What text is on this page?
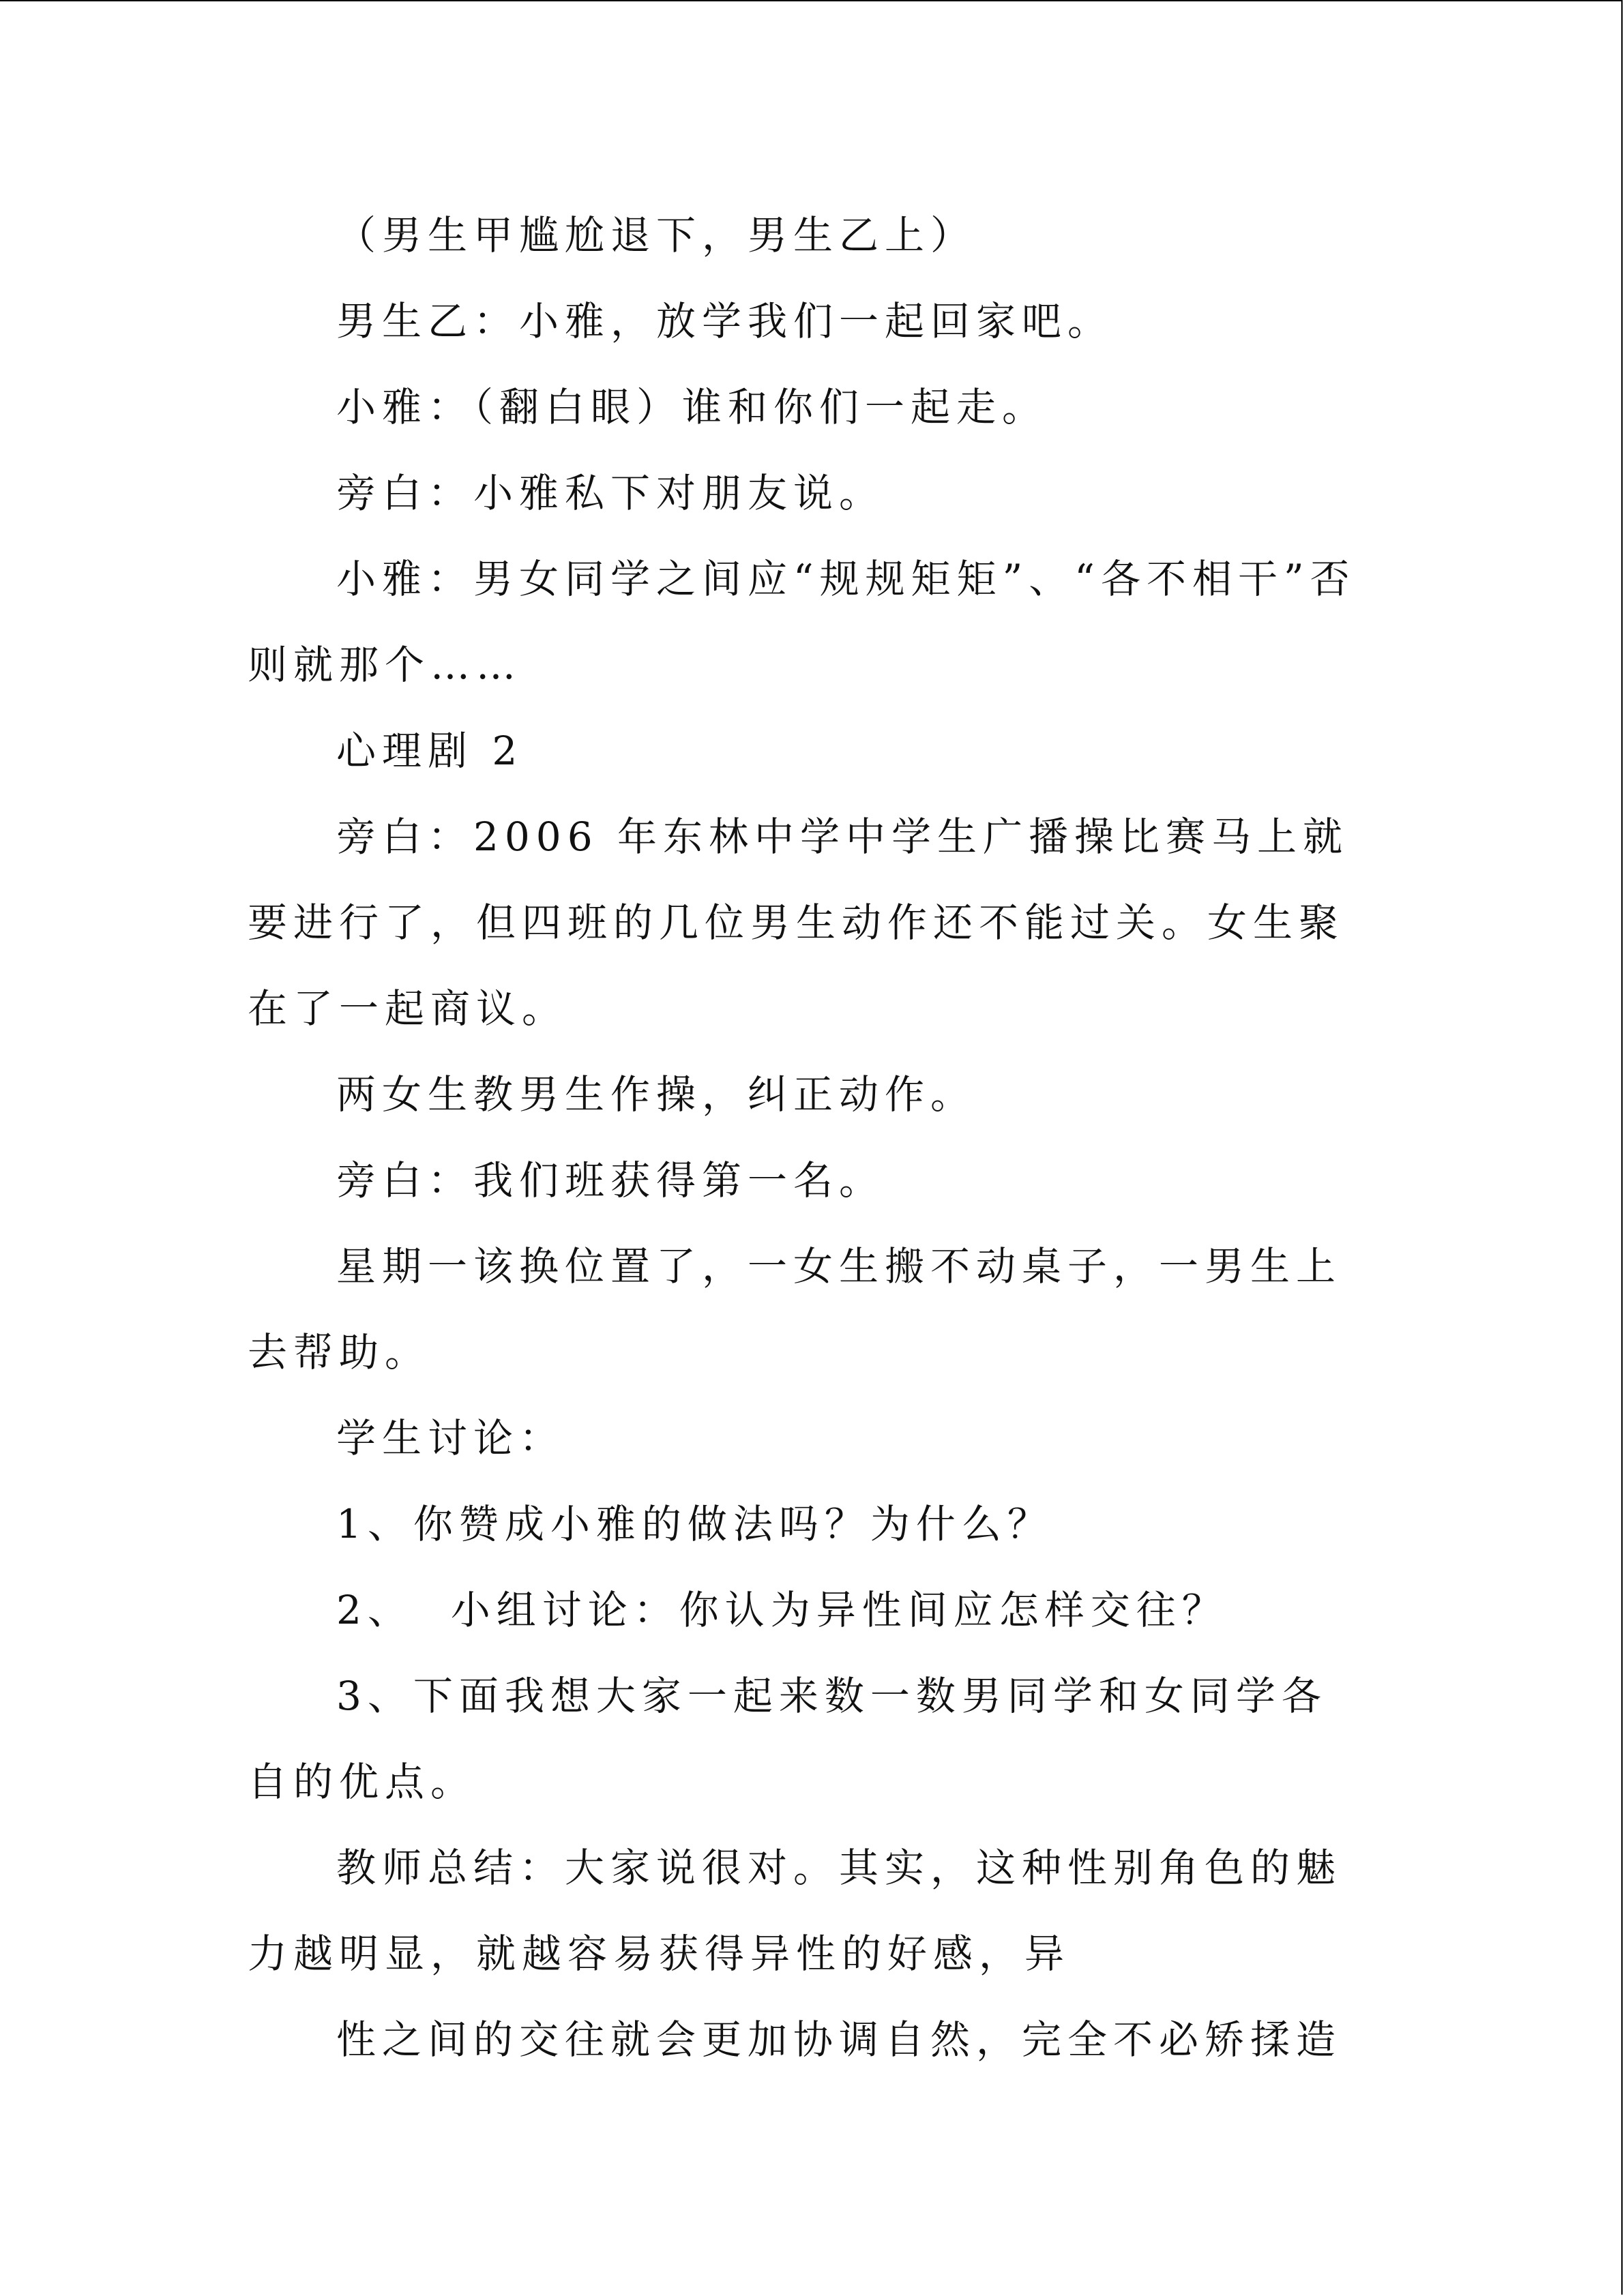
（男生甲尴尬退下，男生乙上）

男生乙：小雅，放学我们一起回家吧。

小雅：（翻白眼）谁和你们一起走。

旁白：小雅私下对朋友说。

小雅：男女同学之间应“规规矩矩”、“各不相干”否则就那个……

心理剧 2

旁白：2006 年东林中学中学生广播操比赛马上就要进行了，但四班的几位男生动作还不能过关。女生聚在了一起商议。

两女生教男生作操，纠正动作。

旁白：我们班获得第一名。

星期一该换位置了，一女生搬不动桌子，一男生上去帮助。

学生讨论：

1、你赞成小雅的做法吗？为什么？

2、  小组讨论：你认为异性间应怎样交往？

3、下面我想大家一起来数一数男同学和女同学各自的优点。

教师总结：大家说很对。其实，这种性别角色的魅力越明显，就越容易获得异性的好感，异

性之间的交往就会更加协调自然，完全不必矫揉造
